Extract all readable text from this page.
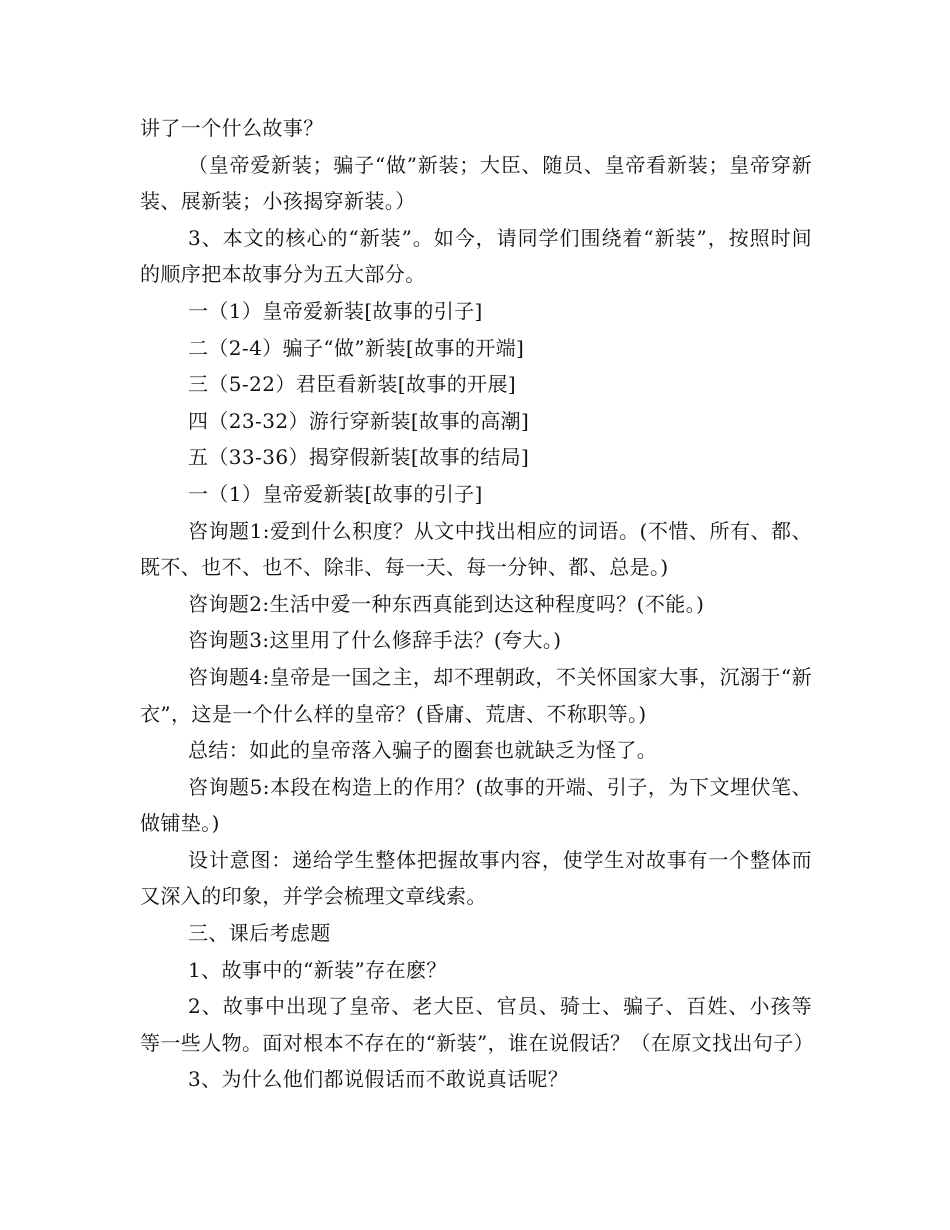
讲了一个什么故事？

（皇帝爱新装；骗子“做”新装；大臣、随员、皇帝看新装；皇帝穿新装、展新装；小孩揭穿新装。）

3、本文的核心的“新装”。如今，请同学们围绕着“新装”，按照时间的顺序把本故事分为五大部分。

一（1）皇帝爱新装[故事的引子]

二（2-4）骗子“做”新装[故事的开端]

三（5-22）君臣看新装[故事的开展]

四（23-32）游行穿新装[故事的高潮]

五（33-36）揭穿假新装[故事的结局]

一（1）皇帝爱新装[故事的引子]

咨询题1:爱到什么积度？从文中找出相应的词语。(不惜、所有、都、既不、也不、也不、除非、每一天、每一分钟、都、总是。)

咨询题2:生活中爱一种东西真能到达这种程度吗？(不能。)

咨询题3:这里用了什么修辞手法？(夸大。)

咨询题4:皇帝是一国之主，却不理朝政，不关怀国家大事，沉溺于“新衣”，这是一个什么样的皇帝？(昏庸、荒唐、不称职等。)

总结：如此的皇帝落入骗子的圈套也就缺乏为怪了。

咨询题5:本段在构造上的作用？(故事的开端、引子，为下文埋伏笔、做铺垫。)

设计意图：递给学生整体把握故事内容，使学生对故事有一个整体而又深入的印象，并学会梳理文章线索。

三、课后考虑题

1、故事中的“新装”存在麽？

2、故事中出现了皇帝、老大臣、官员、骑士、骗子、百姓、小孩等等一些人物。面对根本不存在的“新装”，谁在说假话？（在原文找出句子）

3、为什么他们都说假话而不敢说真话呢？
